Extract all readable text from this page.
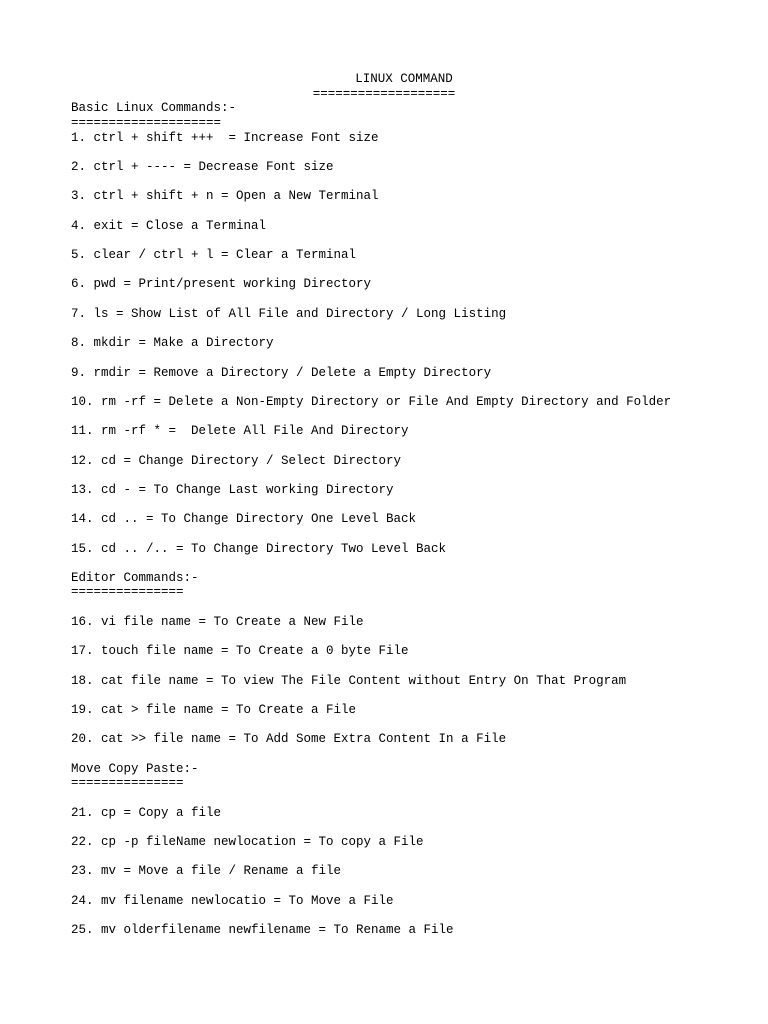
LINUX COMMAND
===================
Basic Linux Commands:-
====================
1. ctrl + shift +++  = Increase Font size
2. ctrl + ---- = Decrease Font size
3. ctrl + shift + n = Open a New Terminal
4. exit = Close a Terminal
5. clear / ctrl + l = Clear a Terminal
6. pwd = Print/present working Directory
7. ls = Show List of All File and Directory / Long Listing
8. mkdir = Make a Directory
9. rmdir = Remove a Directory / Delete a Empty Directory
10. rm -rf = Delete a Non-Empty Directory or File And Empty Directory and Folder
11. rm -rf * =  Delete All File And Directory
12. cd = Change Directory / Select Directory
13. cd - = To Change Last working Directory
14. cd .. = To Change Directory One Level Back
15. cd .. /.. = To Change Directory Two Level Back
Editor Commands:-
===============
16. vi file name = To Create a New File
17. touch file name = To Create a 0 byte File
18. cat file name = To view The File Content without Entry On That Program
19. cat > file name = To Create a File
20. cat >> file name = To Add Some Extra Content In a File
Move Copy Paste:-
===============
21. cp = Copy a file
22. cp -p fileName newlocation = To copy a File
23. mv = Move a file / Rename a file
24. mv filename newlocatio = To Move a File
25. mv olderfilename newfilename = To Rename a File
